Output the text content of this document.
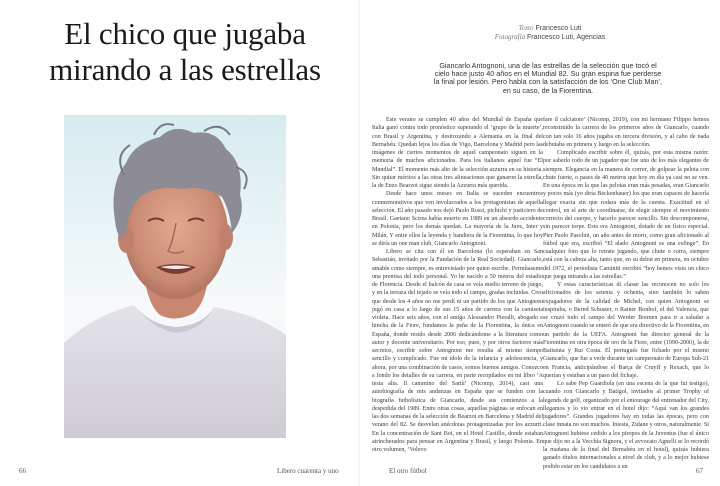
El chico que jugaba
mirando a las estrellas
66	Libero cuarenta y uno
Texto Francesco Luti
Fotografía Francesco Luti, Agencias
Giancarlo Antognoni, una de las estrellas de la selección que tocó el cielo hace justo 40 años en el Mundial 82. Su gran espina fue perderse la final por lesión. Pero habla con la satisfacción de los ‘One Club Man’, en su caso, de la Fiorentina.

Este verano se cumplen 40 años del Mundial de España que Italia ganó contra todo pronóstico superando el ‘grupo de la muerte’, con Brasil y Argentina, y destrozando a Alemania en la final del Bernabéu. Quedan lejos los días de Vigo, Barcelona y Madrid pero las imágenes de ciertos momentos de aquel campeonato siguen en la memoria de muchos aficionados. Para los italianos aquel fue “El Mundial”. El momento más alto de la selección azzurra en su historia. Sin quitar méritos a las otras tres alineaciones que ganaron la estrella, la de Enzo Bearzot sigue siendo la Azzurra más querida.

Desde hace unos meses en Italia se suceden encuentros conmemorativos que ven involucrados a los protagonistas de aquella selección. El año pasado nos dejó Paolo Rossi, pichichi y justiciero de Brasil. Gaetano Scirea había muerto en 1989 en un absurdo accidente en Polonia, pero los demás quedan. La mayoría de la Juve, Inter y Milán. Y entre ellos la leyenda y bandiera de la Fiorentina, lo que hoy se diría un one man club, Giancarlo Antognoni.

Libero se cita con él en Barcelona (lo esperaban en San Sebastián, invitado por la Fundación de la Real Sociedad). Giancarlo, amable como siempre, es entrevistado por quien escribe. Permítaseme una premisa del todo personal. Yo he nacido a 50 metros del estadio de Florencia. Desde el balcón de casa se veía medio terreno de juego, y en la terraza del tejado se veía todo el campo, gradas incluidas. Creo que desde los 4 años no me perdí ni un partido de los que Antognoni jugó en casa a lo largo de sus 15 años de carrera con la camiseta violeta. Hace seis años, con el amigo Alessandro Pieralli, abogado e hincha de la Fiore, fundamos la peña de la Fiorentina, la única en España, donde resido desde 2006 dedicándome a la literatura como autor y docente universitario. Por eso, pues, y por otros factores más secretos, escribir sobre Antognoni me resulta al mismo tiempo sencillo y complicado. Fue mi ídolo de la infancia y adolescencia, y ahora, por una combinación de casos, somos buenos amigos. Conozco a fondo los detalles de su carrera, en parte recopilados en mi libro ‘A testa alta. Il cammino del Sartù’ (Nicomp, 2014), casi una autobiografía de mis andanzas en España que se funden con la biografía futbolística de Giancarlo, desde sus comienzos a la despedida del 1989. Entre otras cosas, aquellas páginas se enfocan en las dos semanas de la selección de Bearzot en Barcelona y Madrid del verano del 82. Se desvelan anécdotas protagonizadas por los azzurri. En la concentración de Sant Boi, en el Hotel Castillo, donde estaban atrincherados para pensar en Argentina y Brasil, y luego Polonia. En otro volumen, ‘Volevo

fare il calciatore’ (Nicomp, 2019), con mi hermano Filippo hemos reconstruido la carrera de los primeros años de Giancarlo, cuando con tan solo 16 años jugaba en tercera división, y al cabo de nada debutaba en primera y luego en la selección.

Complicado escribir sobre él, quizás, por esta misma razón: por saberlo todo de un jugador que fue uno de los más elegantes de siempre. Elegancia en la manera de correr, de golpear la pelota con chute fuerte, o pases de 40 metros que hoy en día ya casi no se ven. En una época en la que las pelotas eran más pesadas, eran Giancarlo y pocos más (yo diría Beckenbauer) los que eran capaces de hacerla llegar exacta sin que rodara más de la cuenta. Exactitud en el control, en el arte de coordinarse, de elegir siempre el movimiento correcto del cuerpo, y hacerlo parecer sencillo. Sin descomponerse, sin parecer torpe. Esto era Antognoni, dotado de un físico especial. Pier Paolo Pasolini, un año antes de morir, como gran aficionado al fútbol que era, escribió “El alado Antognoni es una esfinge”. En cualquier foto que lo retrate jugando, que chute o corra, siempre está con la cabeza alta, tanto que, en su debut en primera, en octubre del 1972, el periodista Caminiti escribió “hoy hemos visto un chico que juega mirando a las estrellas.”

Y estas características di classe las reconocen no solo los aficionados de los setenta y ochenta, sino también lo saben exjugadores de la calidad de Michel, con quien Antognoni se inspiraba, o Bernd Schuster, o Rainer Bonhof, el del Valencia, que se cruzó todo el campo del Werder Bremen para ir a saludar a Antognoni cuando se enteró de que era directivo de la Fiorentina, en un partido de la UEFA. Antognoni fue director general de la Fiorentina en otra época de oro de la Fiore, entre (1990-2000), la de Batistuta y Rui Costa. El portugués fue fichado por el mismo Giancarlo, que fue a verle durante un campeonato de Europa Sub-21 en Francia, anticipándose el Barça de Cruyff y Rexach, que lo querían y estaban a un paso del fichaje.

Lo sabe Pep Guardiola (en una escena de la que fui testigo), cuando con Giancarlo y Batigol, invitados al primer Trophy of legends de golf, organizado por el entourage del entrenador del City, llegamos y lo vio entrar en el hotel dijo: “Aquí van los grandes jugadores”. Grandes jugadores hay en todas las épocas, pero con clase innata no son muchos. Iniesta, Zidane y otros, naturalmente. Si Antognoni hubiese cedido a los piropos de la Juventus (fue el único que dijo no a la Vecchia Signora, y el avvocato Agnelli se lo recordó la mañana de la final del Bernabéu en el hotel), quizás hubiera ganado títulos internacionales a nivel de club, y a lo mejor hubiese podido estar en los candidatos a un

El otro fútbol	67
